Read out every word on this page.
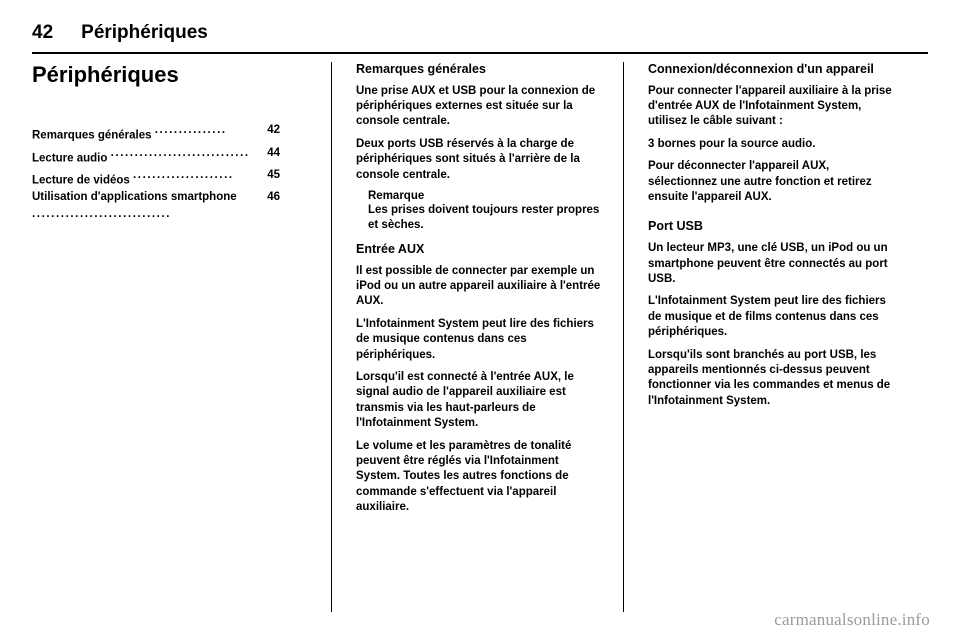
42 Périphériques
Périphériques
42
Remarques générales ...............
44
Lecture audio .............................
45
Lecture de vidéos .....................
46
Utilisation d'applications smartphone .............................
Remarques générales

Une prise AUX et USB pour la connexion de périphériques externes est située sur la console centrale.

Deux ports USB réservés à la charge de périphériques sont situés à l'arrière de la console centrale.

Remarque

Les prises doivent toujours rester propres et sèches.

Entrée AUX

Il est possible de connecter par exemple un iPod ou un autre appareil auxiliaire à l'entrée AUX.

L'Infotainment System peut lire des fichiers de musique contenus dans ces périphériques.

Lorsqu'il est connecté à l'entrée AUX, le signal audio de l'appareil auxiliaire est transmis via les haut-parleurs de l'Infotainment System.

Le volume et les paramètres de tonalité peuvent être réglés via l'Infotainment System. Toutes les autres fonctions de commande s'effectuent via l'appareil auxiliaire.

Connexion/déconnexion d'un appareil

Pour connecter l'appareil auxiliaire à la prise d'entrée AUX de l'Infotainment System, utilisez le câble suivant :

3 bornes pour la source audio.

Pour déconnecter l'appareil AUX, sélectionnez une autre fonction et retirez ensuite l'appareil AUX.

Port USB

Un lecteur MP3, une clé USB, un iPod ou un smartphone peuvent être connectés au port USB.

L'Infotainment System peut lire des fichiers de musique et de films contenus dans ces périphériques.

Lorsqu'ils sont branchés au port USB, les appareils mentionnés ci-dessus peuvent fonctionner via les commandes et menus de l'Infotainment System.

carmanualsonline.info
